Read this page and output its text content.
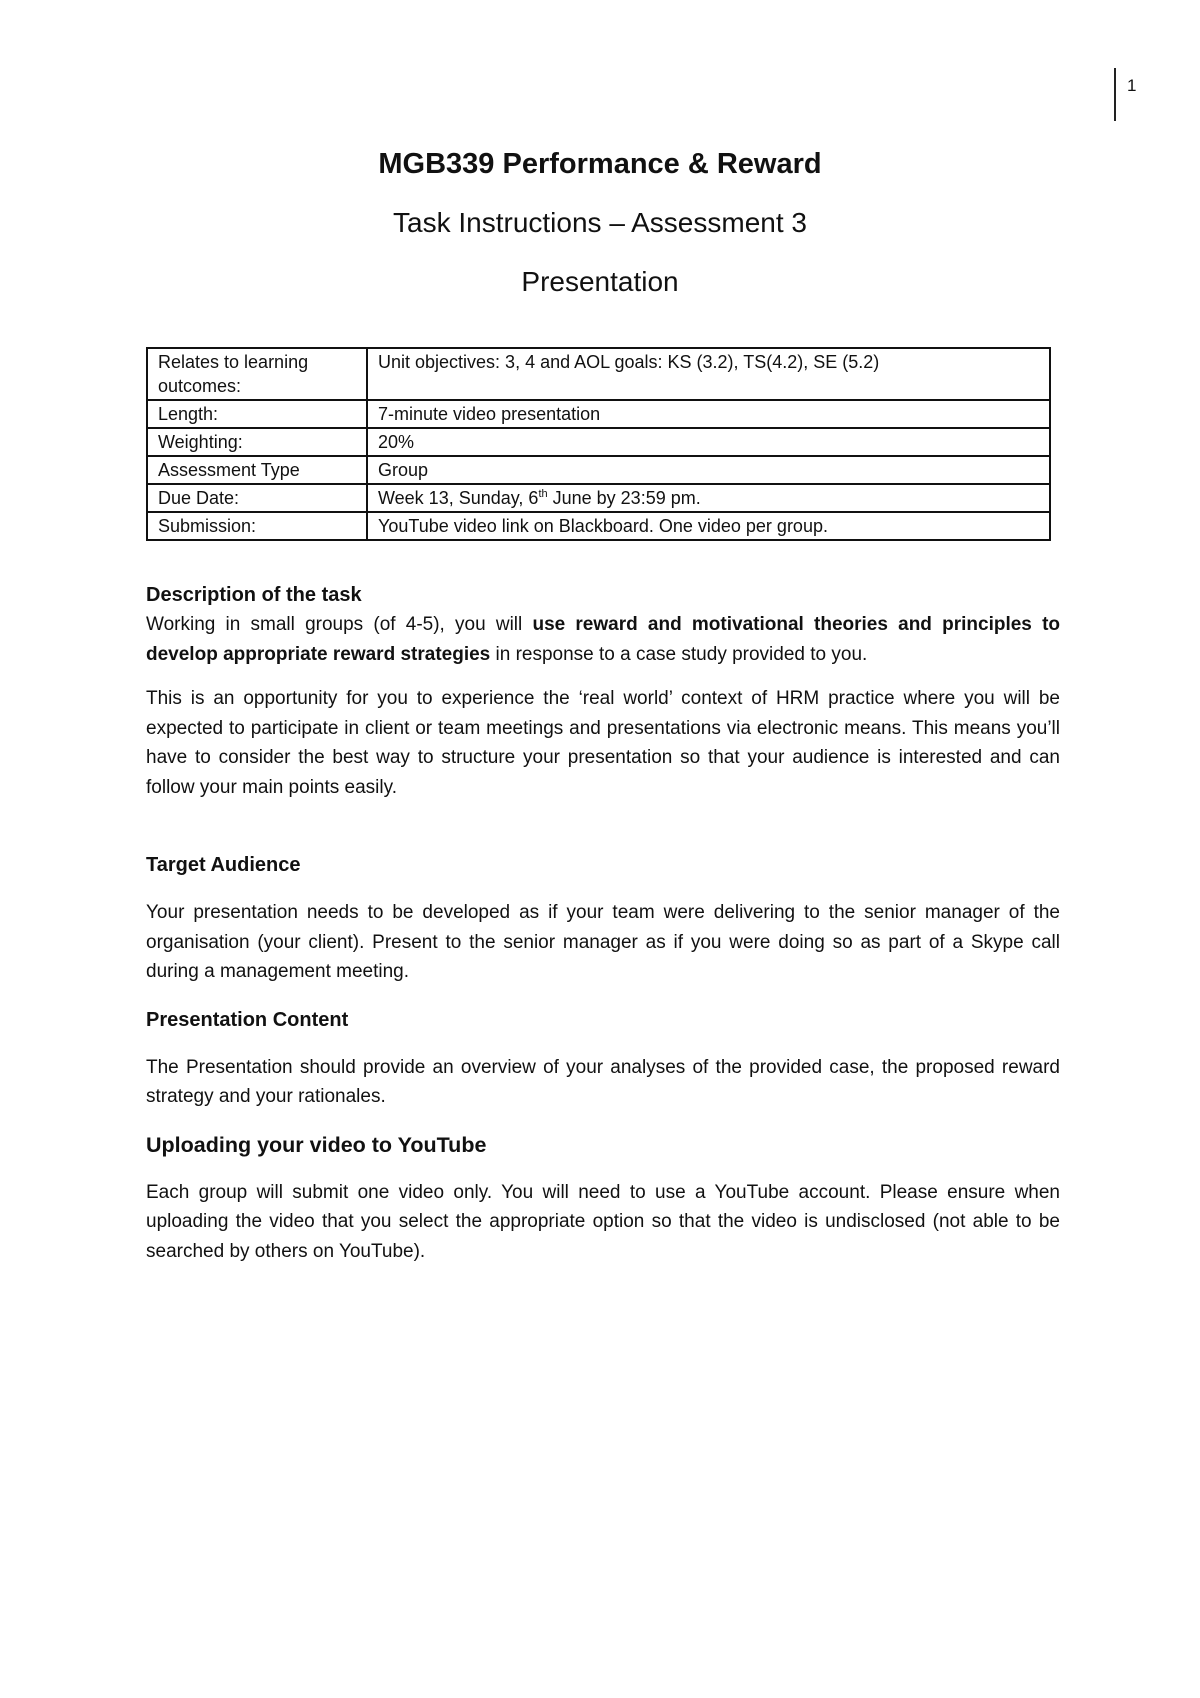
1
MGB339 Performance & Reward
Task Instructions – Assessment 3
Presentation
Relates to learning outcomes:	Unit objectives: 3, 4 and AOL goals: KS (3.2), TS(4.2), SE (5.2)
Length:	7-minute video presentation
Weighting:	20%
Assessment Type	Group
Due Date:	Week 13, Sunday, 6th June by 23:59 pm.
Submission:	YouTube video link on Blackboard. One video per group.
Description of the task

Working in small groups (of 4-5), you will use reward and motivational theories and principles to develop appropriate reward strategies in response to a case study provided to you.

This is an opportunity for you to experience the ‘real world’ context of HRM practice where you will be expected to participate in client or team meetings and presentations via electronic means. This means you’ll have to consider the best way to structure your presentation so that your audience is interested and can follow your main points easily.

Target Audience

Your presentation needs to be developed as if your team were delivering to the senior manager of the organisation (your client). Present to the senior manager as if you were doing so as part of a Skype call during a management meeting.

Presentation Content

The Presentation should provide an overview of your analyses of the provided case, the proposed reward strategy and your rationales.

Uploading your video to YouTube

Each group will submit one video only. You will need to use a YouTube account. Please ensure when uploading the video that you select the appropriate option so that the video is undisclosed (not able to be searched by others on YouTube).
